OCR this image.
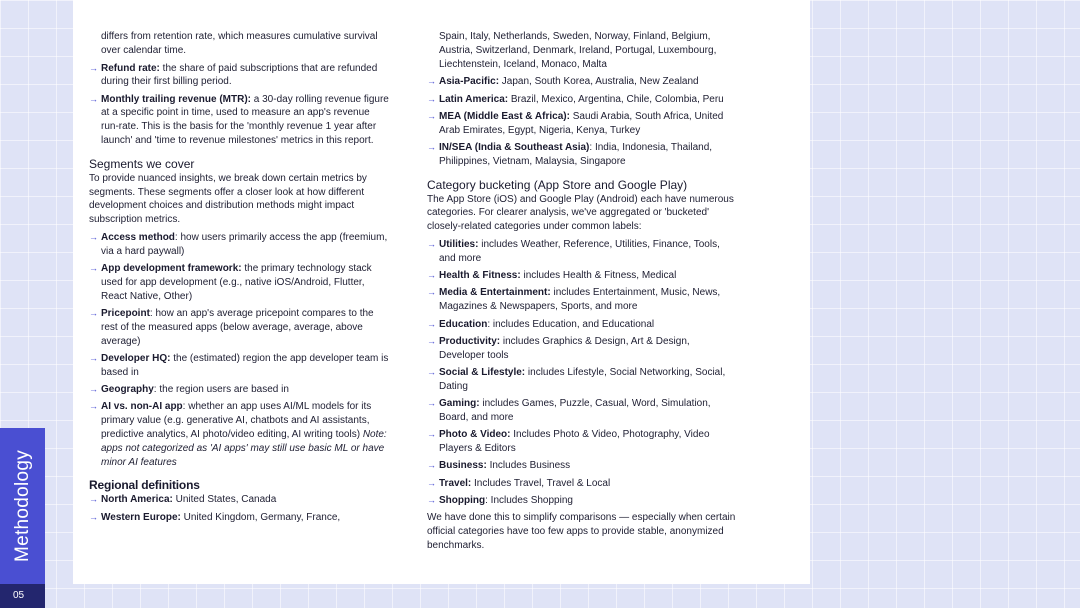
Methodology
05

differs from retention rate, which measures cumulative survival over calendar time.

→ Refund rate: the share of paid subscriptions that are refunded during their first billing period.
→ Monthly trailing revenue (MTR): a 30-day rolling revenue figure at a specific point in time, used to measure an app's revenue run-rate. This is the basis for the 'monthly revenue 1 year after launch' and 'time to revenue milestones' metrics in this report.
Segments we cover

To provide nuanced insights, we break down certain metrics by segments. These segments offer a closer look at how different development choices and distribution methods might impact subscription metrics.

→ Access method: how users primarily access the app (freemium, via a hard paywall)
→ App development framework: the primary technology stack used for app development (e.g., native iOS/Android, Flutter, React Native, Other)
→ Pricepoint: how an app's average pricepoint compares to the rest of the measured apps (below average, average, above average)
→ Developer HQ: the (estimated) region the app developer team is based in
→ Geography: the region users are based in
→ AI vs. non-AI app: whether an app uses AI/ML models for its primary value (e.g. generative AI, chatbots and AI assistants, predictive analytics, AI photo/video editing, AI writing tools) Note: apps not categorized as 'AI apps' may still use basic ML or have minor AI features
Regional definitions
→ North America: United States, Canada
→ Western Europe: United Kingdom, Germany, France,

Spain, Italy, Netherlands, Sweden, Norway, Finland, Belgium, Austria, Switzerland, Denmark, Ireland, Portugal, Luxembourg, Liechtenstein, Iceland, Monaco, Malta

→ Asia-Pacific: Japan, South Korea, Australia, New Zealand
→ Latin America: Brazil, Mexico, Argentina, Chile, Colombia, Peru
→ MEA (Middle East & Africa): Saudi Arabia, South Africa, United Arab Emirates, Egypt, Nigeria, Kenya, Turkey
→ IN/SEA (India & Southeast Asia): India, Indonesia, Thailand, Philippines, Vietnam, Malaysia, Singapore
Category bucketing (App Store and Google Play)

The App Store (iOS) and Google Play (Android) each have numerous categories. For clearer analysis, we've aggregated or 'bucketed' closely-related categories under common labels:

→ Utilities: includes Weather, Reference, Utilities, Finance, Tools, and more
→ Health & Fitness: includes Health & Fitness, Medical
→ Media & Entertainment: includes Entertainment, Music, News, Magazines & Newspapers, Sports, and more
→ Education: includes Education, and Educational
→ Productivity: includes Graphics & Design, Art & Design, Developer tools
→ Social & Lifestyle: includes Lifestyle, Social Networking, Social, Dating
→ Gaming: includes Games, Puzzle, Casual, Word, Simulation, Board, and more
→ Photo & Video: Includes Photo & Video, Photography, Video Players & Editors
→ Business: Includes Business
→ Travel: Includes Travel, Travel & Local
→ Shopping: Includes Shopping

We have done this to simplify comparisons — especially when certain official categories have too few apps to provide stable, anonymized benchmarks.
